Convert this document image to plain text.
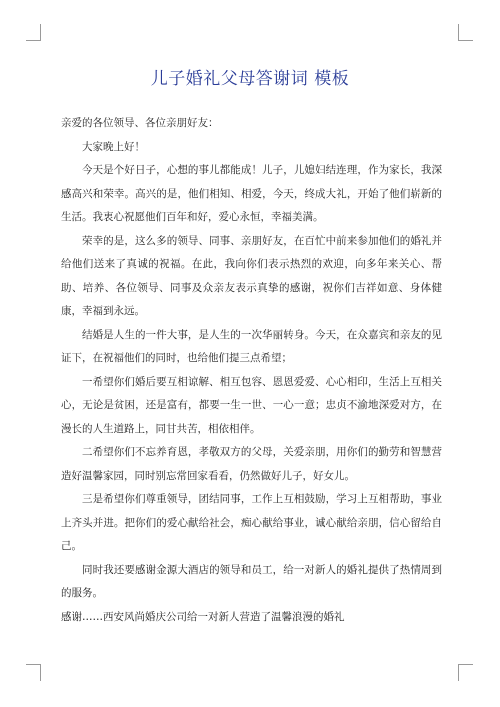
儿子婚礼父母答谢词 模板

亲爱的各位领导、各位亲朋好友：

大家晚上好！

今天是个好日子，心想的事儿都能成！儿子，儿媳妇结连理，作为家长，我深感高兴和荣幸。高兴的是，他们相知、相爱，今天，终成大礼，开始了他们崭新的生活。我衷心祝愿他们百年和好，爱心永恒，幸福美满。

荣幸的是，这么多的领导、同事、亲朋好友，在百忙中前来参加他们的婚礼并给他们送来了真诚的祝福。在此，我向你们表示热烈的欢迎，向多年来关心、帮助、培养、各位领导、同事及众亲友表示真挚的感谢，祝你们吉祥如意、身体健康，幸福到永远。

结婚是人生的一件大事，是人生的一次华丽转身。今天，在众嘉宾和亲友的见证下，在祝福他们的同时，也给他们提三点希望；

一希望你们婚后要互相谅解、相互包容、恩恩爱爱、心心相印，生活上互相关心，无论是贫困，还是富有，都要一生一世、一心一意；忠贞不渝地深爱对方，在漫长的人生道路上，同甘共苦，相依相伴。

二希望你们不忘养育恩，孝敬双方的父母，关爱亲朋，用你们的勤劳和智慧营造好温馨家园，同时别忘常回家看看，仍然做好儿子，好女儿。

三是希望你们尊重领导，团结同事，工作上互相鼓励，学习上互相帮助，事业上齐头并进。把你们的爱心献给社会，痴心献给事业，诚心献给亲朋，信心留给自己。

同时我还要感谢金源大酒店的领导和员工，给一对新人的婚礼提供了热情周到的服务。

感谢……西安风尚婚庆公司给一对新人营造了温馨浪漫的婚礼
